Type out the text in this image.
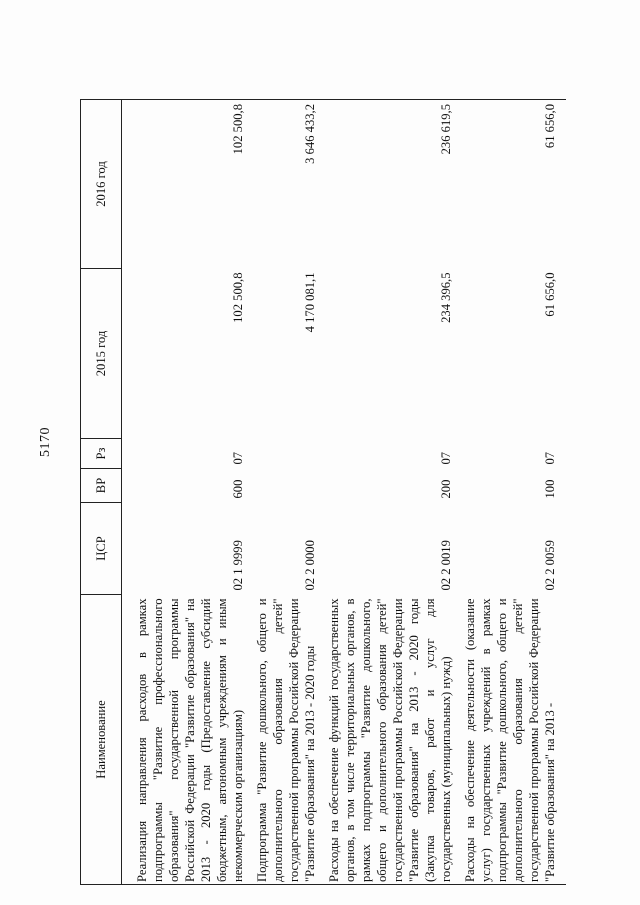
5170
Наименование	ЦСР	ВР	Рз	2015 год	2016 год
Реализация направления расходов в рамках подпрограммы "Развитие профессионального образования" государственной программы Российской Федерации "Развитие образования" на 2013 - 2020 годы (Предоставление субсидий бюджетным, автономным учреждениям и иным некоммерческим организациям)	02 1 9999	600	07	102 500,8	102 500,8
Подпрограмма "Развитие дошкольного, общего и дополнительного образования детей" государственной программы Российской Федерации "Развитие образования" на 2013 - 2020 годы	02 2 0000			4 170 081,1	3 646 433,2
Расходы на обеспечение функций государственных органов, в том числе территориальных органов, в рамках подпрограммы "Развитие дошкольного, общего и дополнительного образования детей" государственной программы Российской Федерации "Развитие образования" на 2013 - 2020 годы (Закупка товаров, работ и услуг для государственных (муниципальных) нужд)	02 2 0019	200	07	234 396,5	236 619,5
Расходы на обеспечение деятельности (оказание услуг) государственных учреждений в рамках подпрограммы "Развитие дошкольного, общего и дополнительного образования детей" государственной программы Российской Федерации "Развитие образования" на 2013 -	02 2 0059	100	07	61 656,0	61 656,0
